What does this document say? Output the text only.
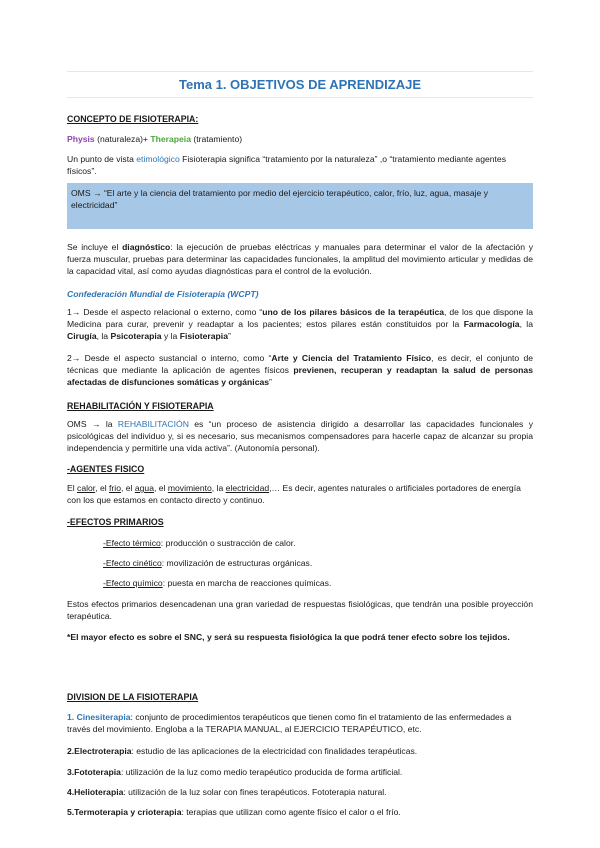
Tema 1. OBJETIVOS DE APRENDIZAJE
CONCEPTO DE FISIOTERAPIA:
Physis (naturaleza)+ Therapeia (tratamiento)
Un punto de vista etimológico Fisioterapia significa “tratamiento por la naturaleza” ,o “tratamiento mediante agentes físicos”.
OMS → “El arte y la ciencia del tratamiento por medio del ejercicio terapéutico, calor, frío, luz, agua, masaje y electricidad”
Se incluye el diagnóstico: la ejecución de pruebas eléctricas y manuales para determinar el valor de la afectación y fuerza muscular, pruebas para determinar las capacidades funcionales, la amplitud del movimiento articular y medidas de la capacidad vital, así como ayudas diagnósticas para el control de la evolución.
Confederación Mundial de Fisioterapia (WCPT)
1→ Desde el aspecto relacional o externo, como “uno de los pilares básicos de la terapéutica, de los que dispone la Medicina para curar, prevenir y readaptar a los pacientes; estos pilares están constituidos por la Farmacología, la Cirugía, la Psicoterapia y la Fisioterapia”
2→ Desde el aspecto sustancial o interno, como “Arte y Ciencia del Tratamiento Físico, es decir, el conjunto de técnicas que mediante la aplicación de agentes físicos previenen, recuperan y readaptan la salud de personas afectadas de disfunciones somáticas y orgánicas”
REHABILITACIÓN Y FISIOTERAPIA
OMS → la REHABILITACIÓN es “un proceso de asistencia dirigido a desarrollar las capacidades funcionales y psicológicas del individuo y, si es necesario, sus mecanismos compensadores para hacerle capaz de alcanzar su propia independencia y permitirle una vida activa”. (Autonomía personal).
-AGENTES FISICO
El calor, el frio, el agua, el movimiento, la electricidad,… Es decir, agentes naturales o artificiales portadores de energía con los que estamos en contacto directo y continuo.
-EFECTOS PRIMARIOS
-Efecto térmico: producción o sustracción de calor.
-Efecto cinético: movilización de estructuras orgánicas.
-Efecto químico: puesta en marcha de reacciones químicas.
Estos efectos primarios desencadenan una gran variedad de respuestas fisiológicas, que tendrán una posible proyección terapéutica.
*El mayor efecto es sobre el SNC, y será su respuesta fisiológica la que podrá tener efecto sobre los tejidos.
DIVISION DE LA FISIOTERAPIA
1. Cinesiterapia: conjunto de procedimientos terapéuticos que tienen como fin el tratamiento de las enfermedades a través del movimiento. Engloba a la TERAPIA MANUAL, al EJERCICIO TERAPÉUTICO, etc.
2.Electroterapia: estudio de las aplicaciones de la electricidad con finalidades terapéuticas.
3.Fototerapia: utilización de la luz como medio terapéutico producida de forma artificial.
4.Helioterapia: utilización de la luz solar con fines terapéuticos. Fototerapia natural.
5.Termoterapia y crioterapia: terapias que utilizan como agente físico el calor o el frío.
